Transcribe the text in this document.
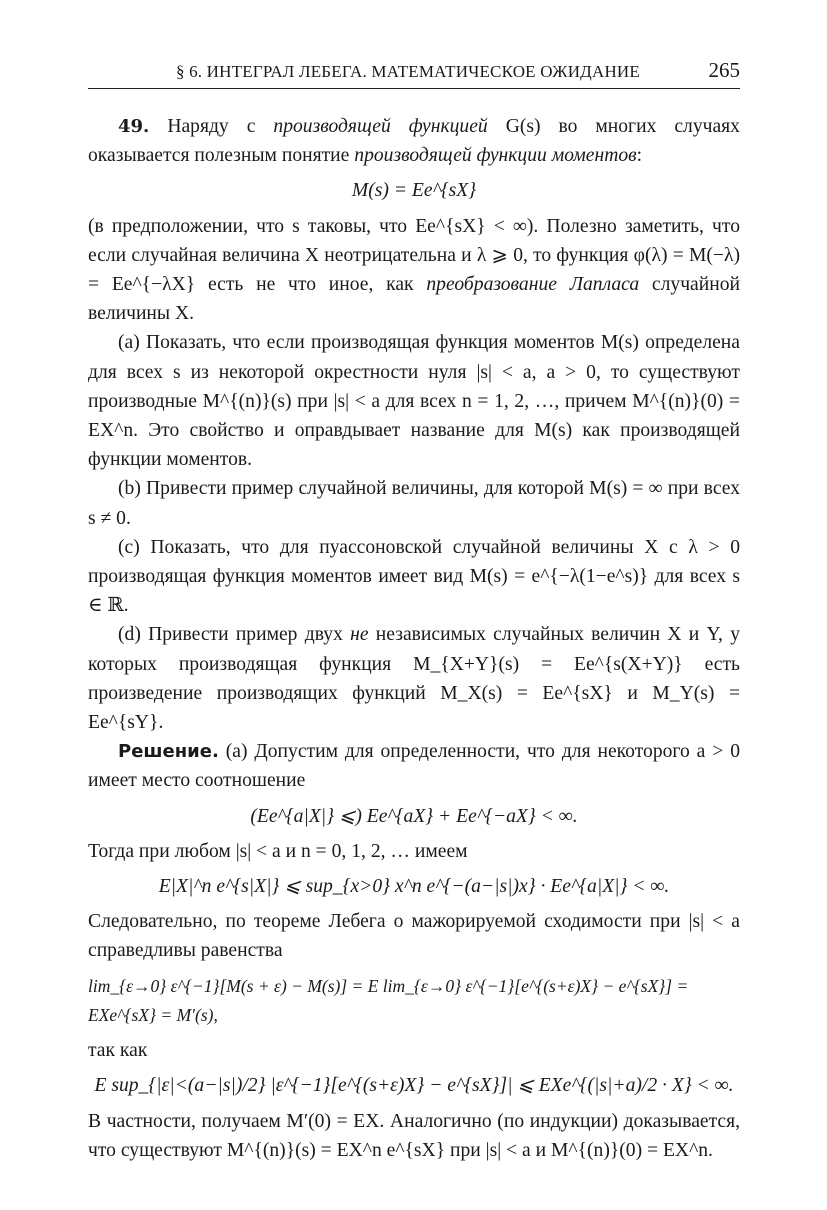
§ 6. ИНТЕГРАЛ ЛЕБЕГА. МАТЕМАТИЧЕСКОЕ ОЖИДАНИЕ	265

49. Наряду с производящей функцией G(s) во многих случаях оказывается полезным понятие производящей функции моментов:

M(s) = Ee^{sX}

(в предположении, что s таковы, что Ee^{sX} < ∞). Полезно заметить, что если случайная величина X неотрицательна и λ ⩾ 0, то функция φ(λ) = M(−λ) = Ee^{−λX} есть не что иное, как преобразование Лапласа случайной величины X.

(а) Показать, что если производящая функция моментов M(s) определена для всех s из некоторой окрестности нуля |s| < a, a > 0, то существуют производные M^{(n)}(s) при |s| < a для всех n = 1, 2, …, причем M^{(n)}(0) = EX^n. Это свойство и оправдывает название для M(s) как производящей функции моментов.

(b) Привести пример случайной величины, для которой M(s) = ∞ при всех s ≠ 0.

(c) Показать, что для пуассоновской случайной величины X с λ > 0 производящая функция моментов имеет вид M(s) = e^{−λ(1−e^s)} для всех s ∈ ℝ.

(d) Привести пример двух не независимых случайных величин X и Y, у которых производящая функция M_{X+Y}(s) = Ee^{s(X+Y)} есть произведение производящих функций M_X(s) = Ee^{sX} и M_Y(s) = Ee^{sY}.

Решение. (а) Допустим для определенности, что для некоторого a > 0 имеет место соотношение

(Ee^{a|X|} ⩽) Ee^{aX} + Ee^{−aX} < ∞.

Тогда при любом |s| < a и n = 0, 1, 2, … имеем

E|X|^n e^{s|X|} ⩽ sup_{x>0} x^n e^{−(a−|s|)x} · Ee^{a|X|} < ∞.

Следовательно, по теореме Лебега о мажорируемой сходимости при |s| < a справедливы равенства

lim_{ε→0} ε^{−1}[M(s + ε) − M(s)] = E lim_{ε→0} ε^{−1}[e^{(s+ε)X} − e^{sX}] = EXe^{sX} = M′(s),

так как

E sup_{|ε|<(a−|s|)/2} |ε^{−1}[e^{(s+ε)X} − e^{sX}]| ⩽ EXe^{(|s|+a)/2 · X} < ∞.

В частности, получаем M′(0) = EX. Аналогично (по индукции) доказывается, что существуют M^{(n)}(s) = EX^n e^{sX} при |s| < a и M^{(n)}(0) = EX^n.
